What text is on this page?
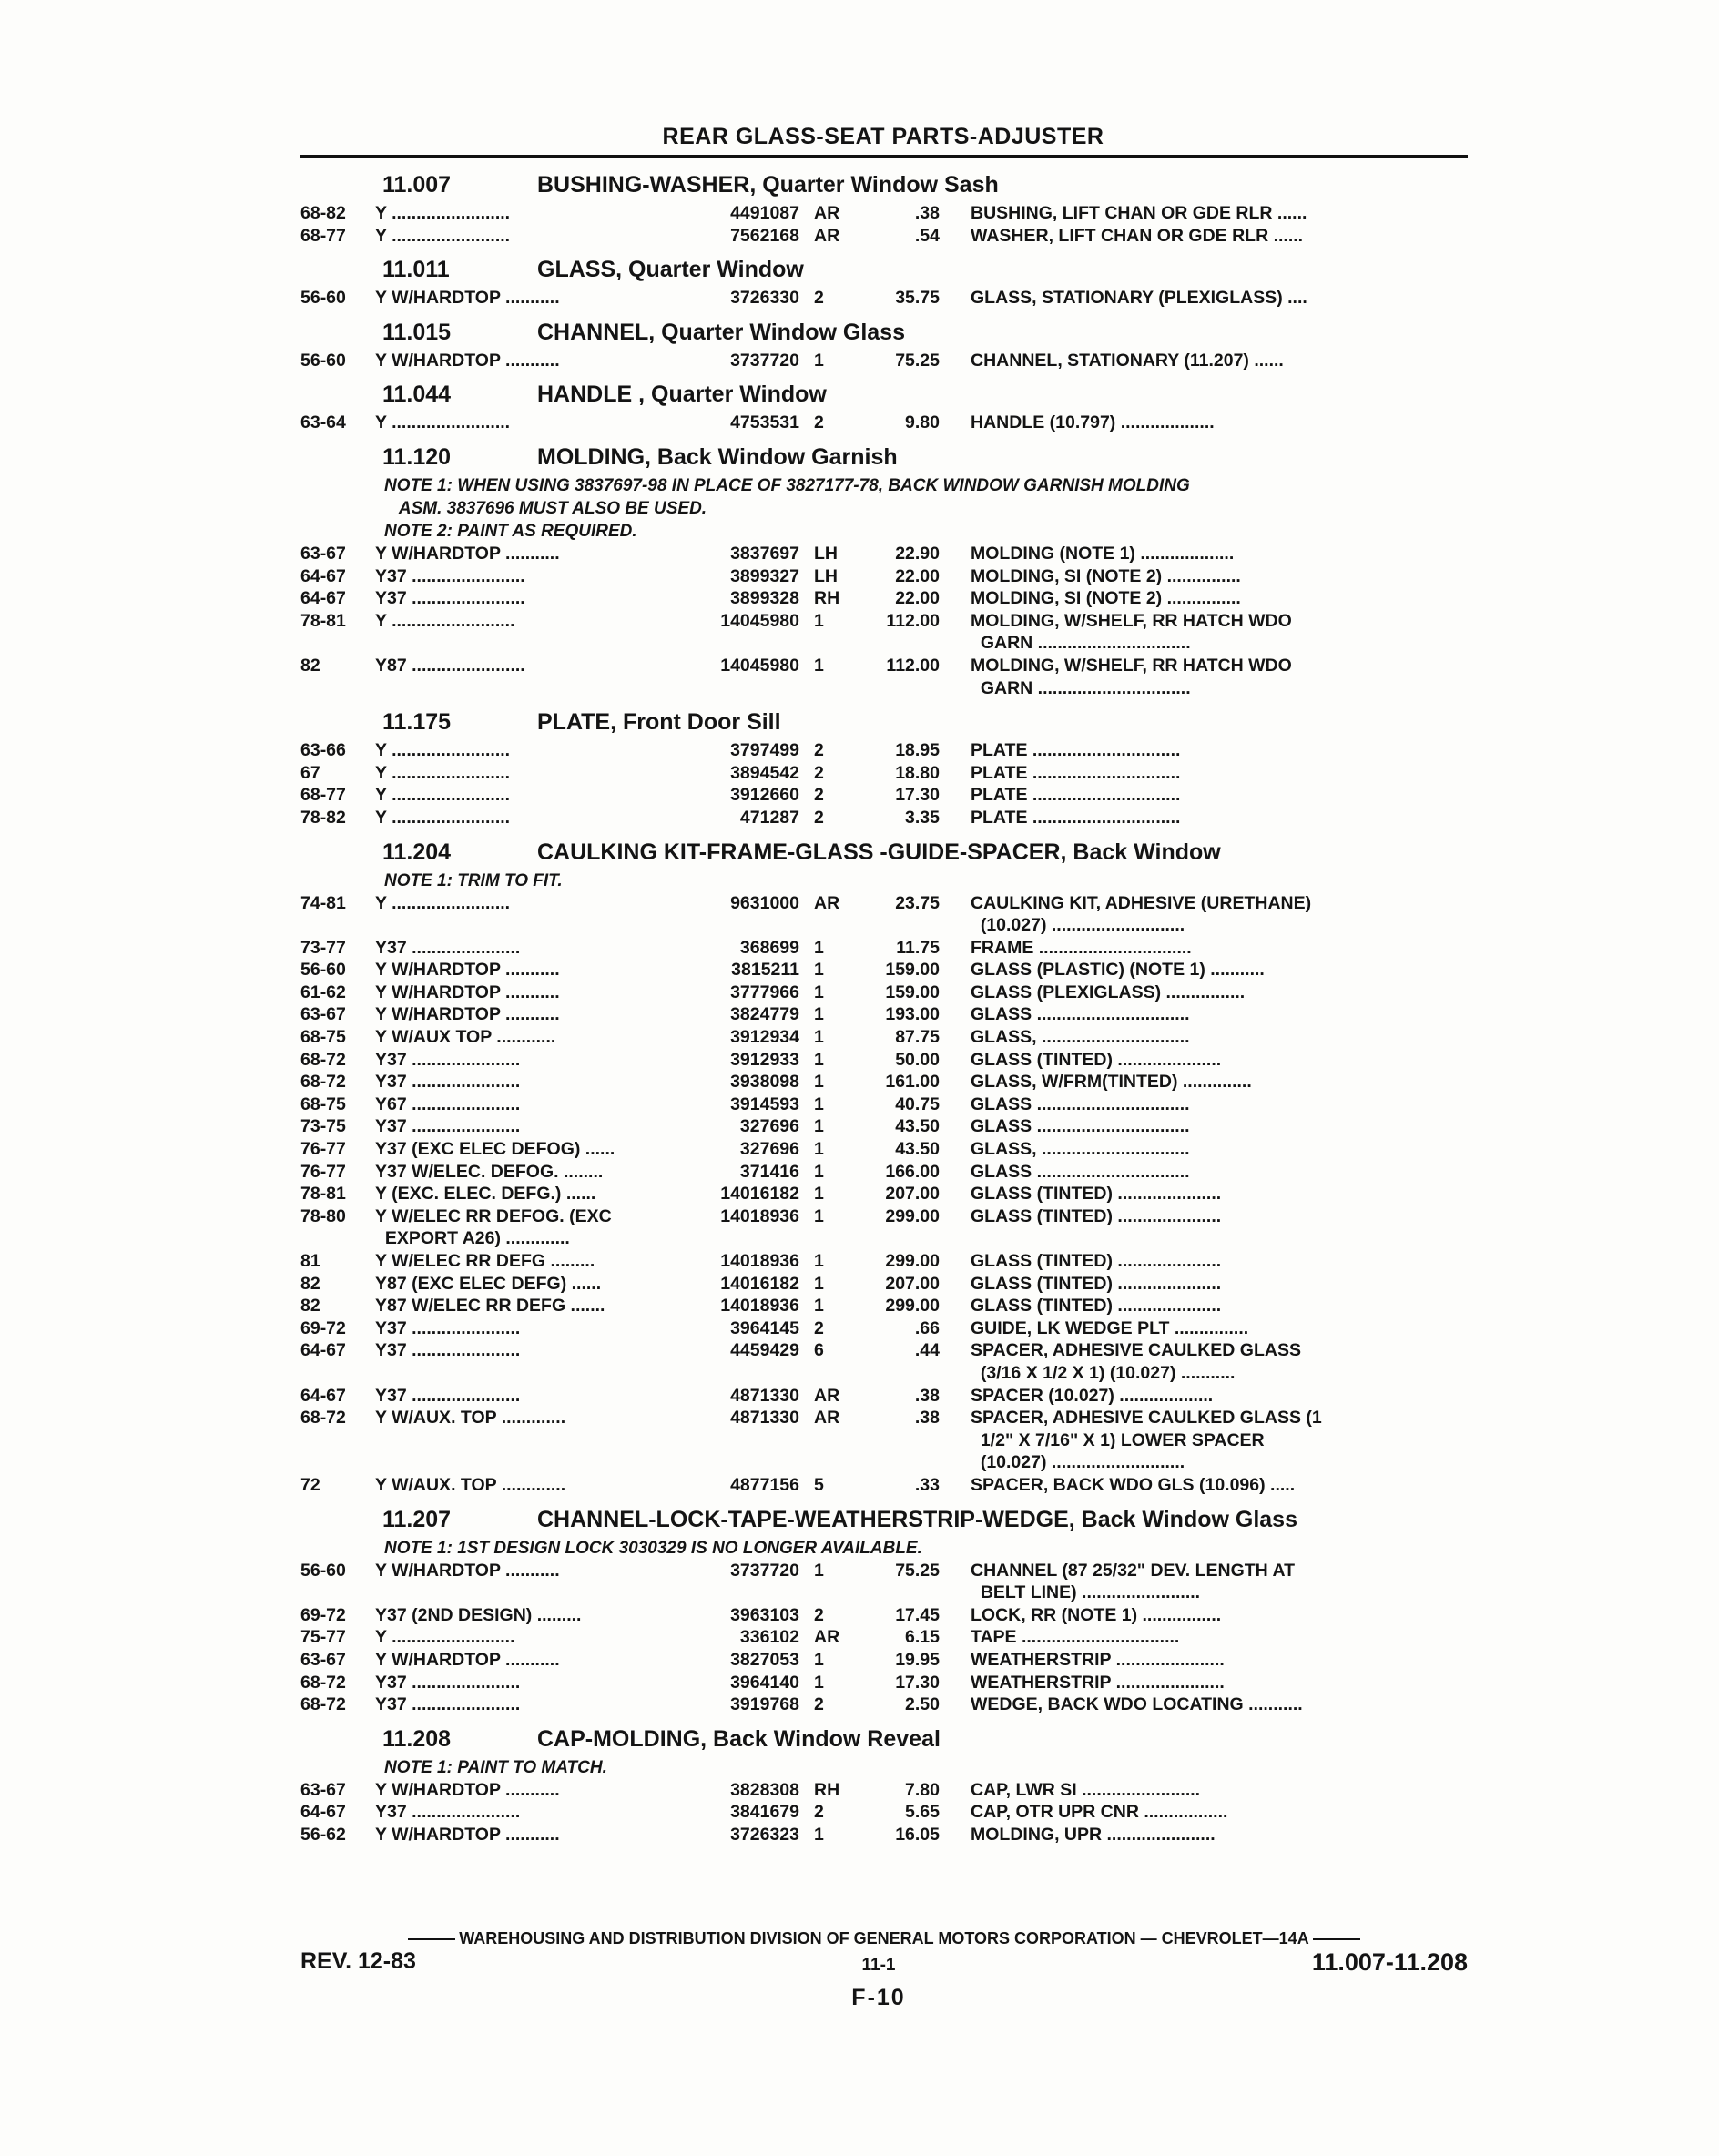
REAR GLASS-SEAT PARTS-ADJUSTER
11.007	BUSHING-WASHER, Quarter Window Sash
68-82	Y ........................	4491087 AR	.38 BUSHING, LIFT CHAN OR GDE RLR ......
68-77	Y ........................	7562168 AR	.54 WASHER, LIFT CHAN OR GDE RLR ......
11.011	GLASS, Quarter Window
56-60	Y W/HARDTOP ...........	3726330 2	35.75 GLASS, STATIONARY (PLEXIGLASS) ....
11.015	CHANNEL, Quarter Window Glass
56-60	Y W/HARDTOP ...........	3737720 1	75.25 CHANNEL, STATIONARY (11.207) ......
11.044	HANDLE , Quarter Window
63-64	Y ........................	4753531 2	9.80 HANDLE (10.797) ...................
11.120	MOLDING, Back Window Garnish
NOTE 1: WHEN USING 3837697-98 IN PLACE OF 3827177-78, BACK WINDOW GARNISH MOLDING
ASM. 3837696 MUST ALSO BE USED.
NOTE 2: PAINT AS REQUIRED.
63-67	Y W/HARDTOP ...........	3837697 LH	22.90 MOLDING (NOTE 1) ...................
64-67	Y37 .......................	3899327 LH	22.00 MOLDING, SI (NOTE 2) ...............
64-67	Y37 .......................	3899328 RH	22.00 MOLDING, SI (NOTE 2) ...............
78-81	Y .........................	14045980 1	112.00 MOLDING, W/SHELF, RR HATCH WDO
GARN ...............................
82	Y87 .......................	14045980 1	112.00 MOLDING, W/SHELF, RR HATCH WDO
GARN ...............................
11.175	PLATE, Front Door Sill
63-66	Y ........................	3797499 2	18.95 PLATE ..............................
67	Y ........................	3894542 2	18.80 PLATE ..............................
68-77	Y ........................	3912660 2	17.30 PLATE ..............................
78-82	Y ........................	471287 2	3.35 PLATE ..............................
11.204	CAULKING KIT-FRAME-GLASS -GUIDE-SPACER, Back Window
NOTE 1: TRIM TO FIT.
74-81	Y ........................	9631000 AR	23.75 CAULKING KIT, ADHESIVE (URETHANE)
(10.027) ...........................
73-77	Y37 ......................	368699 1	11.75 FRAME ...............................
56-60	Y W/HARDTOP ...........	3815211 1	159.00 GLASS (PLASTIC) (NOTE 1) ...........
61-62	Y W/HARDTOP ...........	3777966 1	159.00 GLASS (PLEXIGLASS) ................
63-67	Y W/HARDTOP ...........	3824779 1	193.00 GLASS ...............................
68-75	Y W/AUX TOP ............	3912934 1	87.75 GLASS, ..............................
68-72	Y37 ......................	3912933 1	50.00 GLASS (TINTED) .....................
68-72	Y37 ......................	3938098 1	161.00 GLASS, W/FRM(TINTED) ..............
68-75	Y67 ......................	3914593 1	40.75 GLASS ...............................
73-75	Y37 ......................	327696 1	43.50 GLASS ...............................
76-77	Y37 (EXC ELEC DEFOG) ......	327696 1	43.50 GLASS, ..............................
76-77	Y37 W/ELEC. DEFOG. ........	371416 1	166.00 GLASS ...............................
78-81	Y (EXC. ELEC. DEFG.) ......	14016182 1	207.00 GLASS (TINTED) .....................
78-80	Y W/ELEC RR DEFOG. (EXC
EXPORT A26) .............
14018936 1	299.00 GLASS (TINTED) .....................
81	Y W/ELEC RR DEFG .........	14018936 1	299.00 GLASS (TINTED) .....................
82	Y87 (EXC ELEC DEFG) ......	14016182 1	207.00 GLASS (TINTED) .....................
82	Y87 W/ELEC RR DEFG .......	14018936 1	299.00 GLASS (TINTED) .....................
69-72	Y37 ......................	3964145 2	.66 GUIDE, LK WEDGE PLT ...............
64-67	Y37 ......................	4459429 6	.44 SPACER, ADHESIVE CAULKED GLASS
(3/16 X 1/2 X 1) (10.027) ...........
64-67	Y37 ......................	4871330 AR	.38 SPACER (10.027) ...................
68-72	Y W/AUX. TOP .............	4871330 AR	.38 SPACER, ADHESIVE CAULKED GLASS (1
1/2" X 7/16" X 1) LOWER SPACER
(10.027) ...........................
72	Y W/AUX. TOP .............	4877156 5	.33 SPACER, BACK WDO GLS (10.096) .....
11.207	CHANNEL-LOCK-TAPE-WEATHERSTRIP-WEDGE, Back Window Glass
NOTE 1: 1ST DESIGN LOCK 3030329 IS NO LONGER AVAILABLE.
56-60	Y W/HARDTOP ...........	3737720 1	75.25 CHANNEL (87 25/32" DEV. LENGTH AT
BELT LINE) ........................
69-72	Y37 (2ND DESIGN) .........	3963103 2	17.45 LOCK, RR (NOTE 1) ................
75-77	Y .........................	336102 AR	6.15 TAPE ................................
63-67	Y W/HARDTOP ...........	3827053 1	19.95 WEATHERSTRIP ......................
68-72	Y37 ......................	3964140 1	17.30 WEATHERSTRIP ......................
68-72	Y37 ......................	3919768 2	2.50 WEDGE, BACK WDO LOCATING ...........
11.208	CAP-MOLDING, Back Window Reveal
NOTE 1: PAINT TO MATCH.
63-67	Y W/HARDTOP ...........	3828308 RH	7.80 CAP, LWR SI ........................
64-67	Y37 ......................	3841679 2	5.65 CAP, OTR UPR CNR .................
56-62	Y W/HARDTOP ...........	3726323 1	16.05 MOLDING, UPR ......................
WAREHOUSING AND DISTRIBUTION DIVISION OF GENERAL MOTORS CORPORATION — CHEVROLET—14A
REV. 12-83	11-1	11.007-11.208
F-10
